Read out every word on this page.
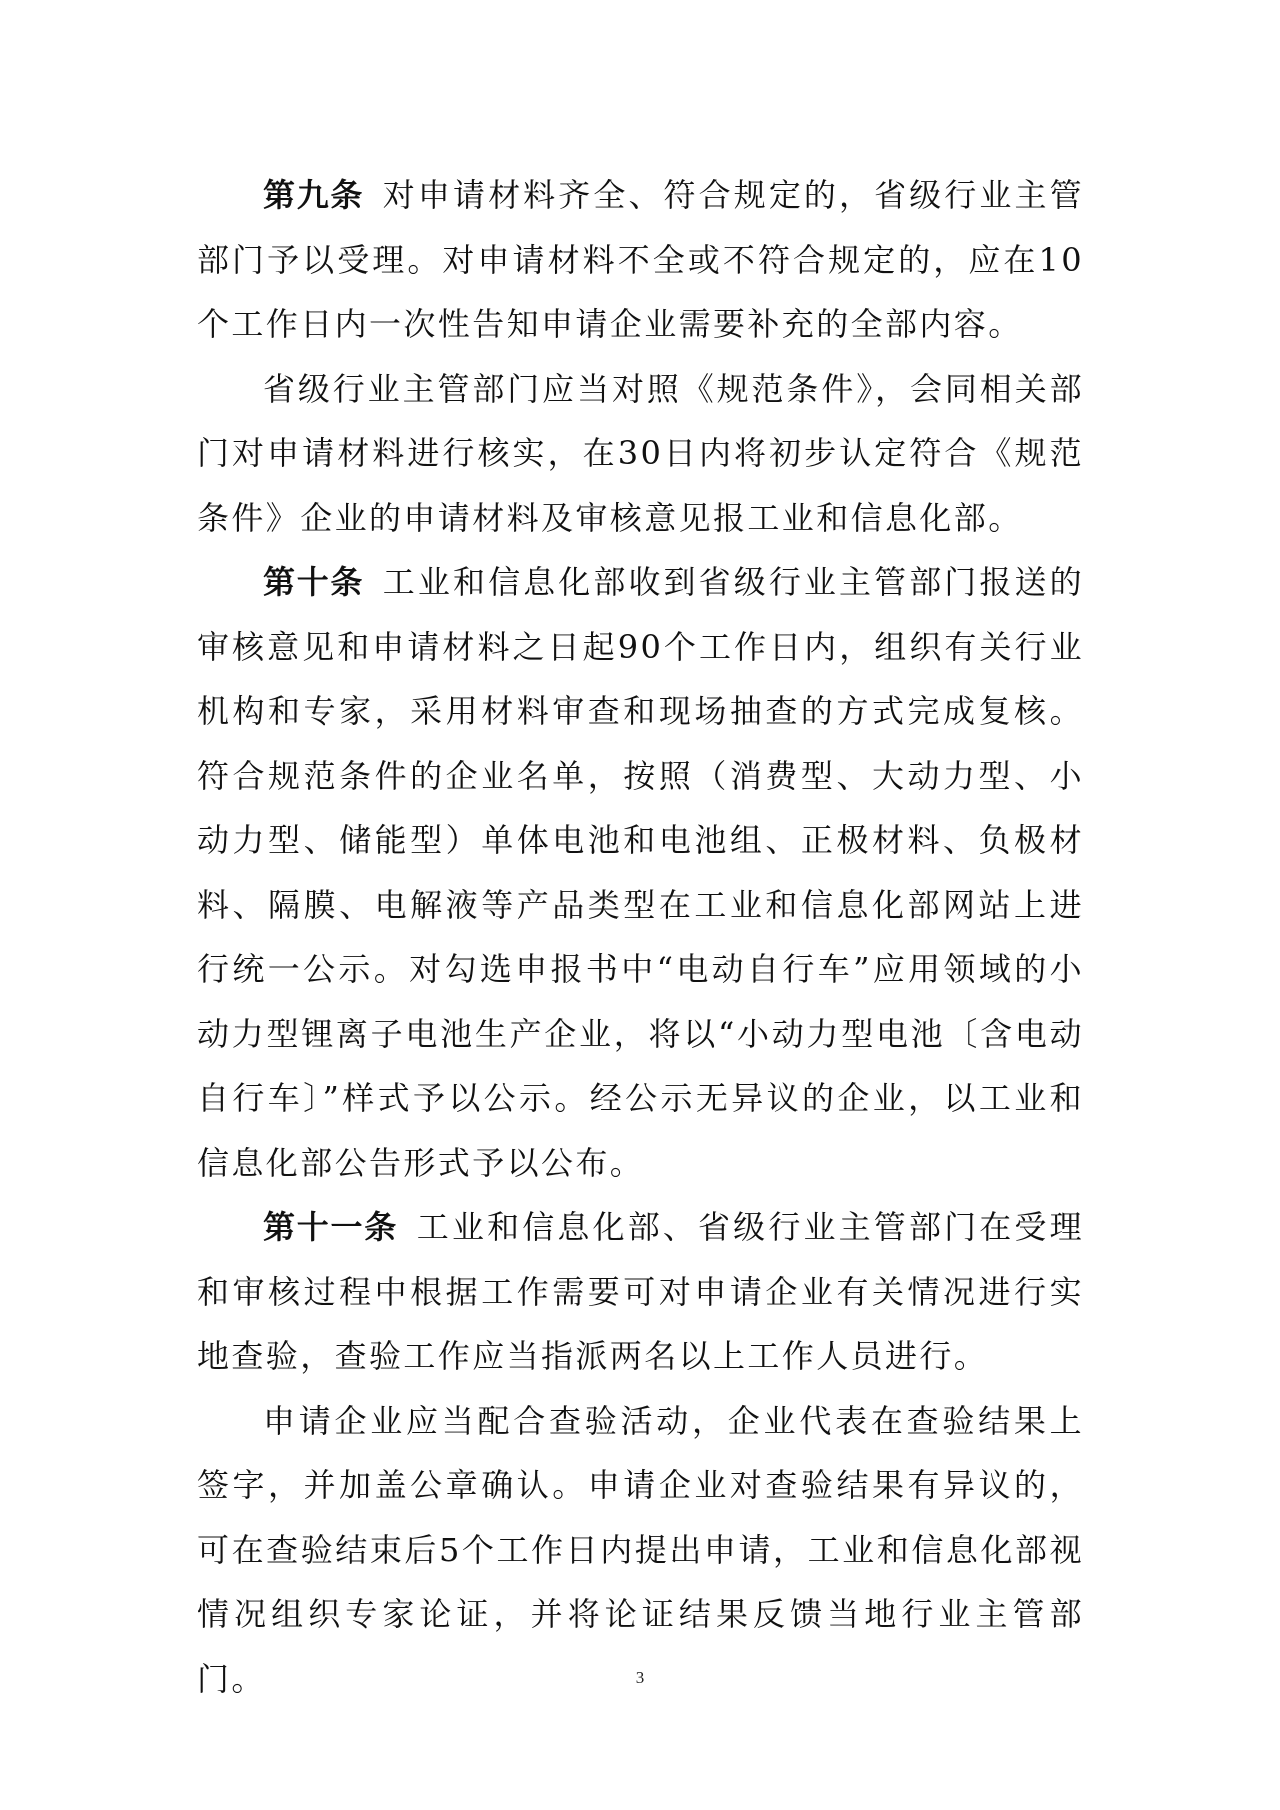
第九条 对申请材料齐全、符合规定的，省级行业主管部门予以受理。对申请材料不全或不符合规定的，应在10个工作日内一次性告知申请企业需要补充的全部内容。

省级行业主管部门应当对照《规范条件》，会同相关部门对申请材料进行核实，在30日内将初步认定符合《规范条件》企业的申请材料及审核意见报工业和信息化部。

第十条 工业和信息化部收到省级行业主管部门报送的审核意见和申请材料之日起90个工作日内，组织有关行业机构和专家，采用材料审查和现场抽查的方式完成复核。符合规范条件的企业名单，按照（消费型、大动力型、小动力型、储能型）单体电池和电池组、正极材料、负极材料、隔膜、电解液等产品类型在工业和信息化部网站上进行统一公示。对勾选申报书中“电动自行车”应用领域的小动力型锂离子电池生产企业，将以“小动力型电池〔含电动自行车〕”样式予以公示。经公示无异议的企业，以工业和信息化部公告形式予以公布。

第十一条 工业和信息化部、省级行业主管部门在受理和审核过程中根据工作需要可对申请企业有关情况进行实地查验，查验工作应当指派两名以上工作人员进行。

申请企业应当配合查验活动，企业代表在查验结果上签字，并加盖公章确认。申请企业对查验结果有异议的，可在查验结束后5个工作日内提出申请，工业和信息化部视情况组织专家论证，并将论证结果反馈当地行业主管部门。	3
